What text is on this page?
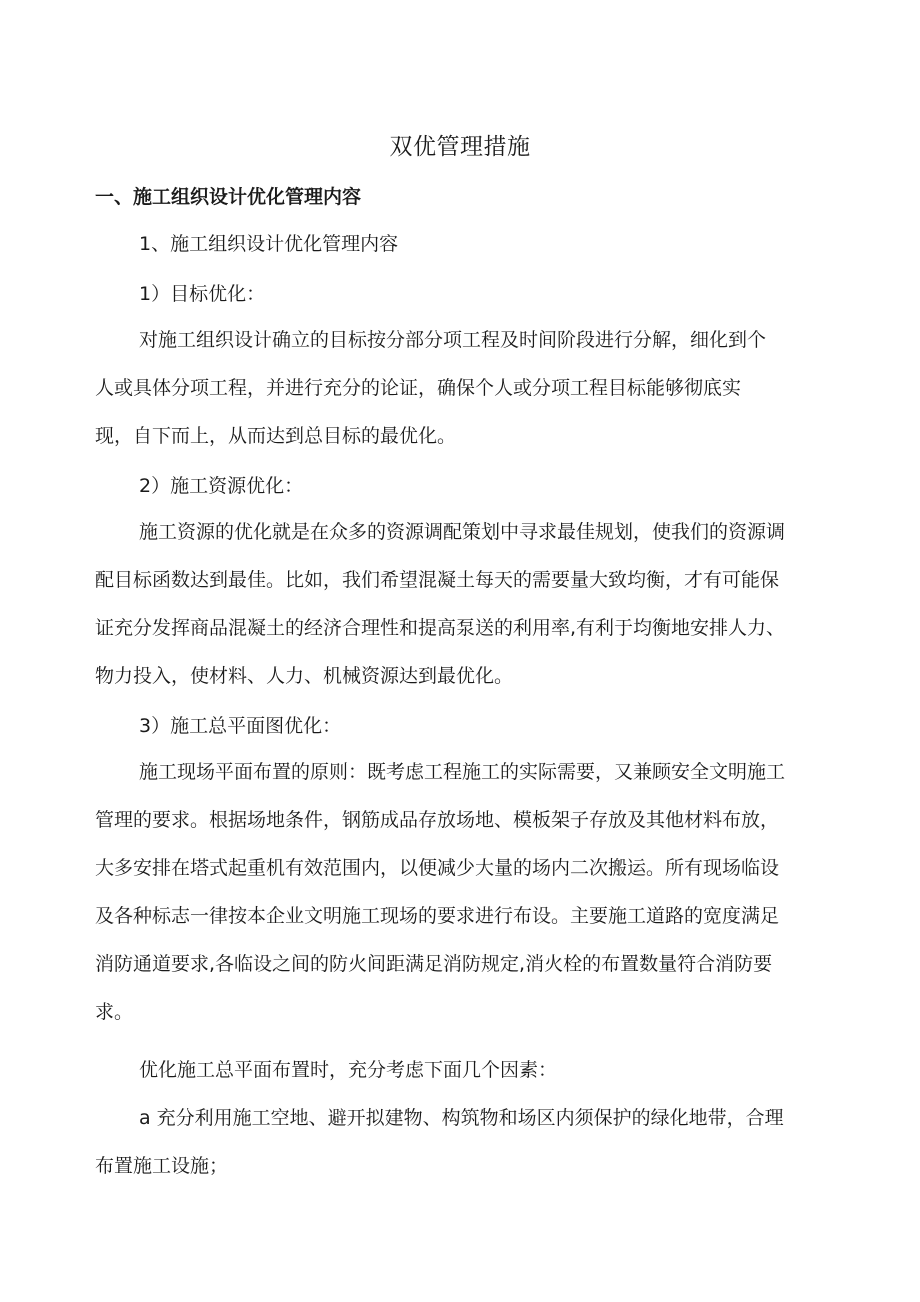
双优管理措施
一、施工组织设计优化管理内容
1、施工组织设计优化管理内容
1）目标优化：
对施工组织设计确立的目标按分部分项工程及时间阶段进行分解，细化到个
人或具体分项工程，并进行充分的论证，确保个人或分项工程目标能够彻底实
现，自下而上，从而达到总目标的最优化。
2）施工资源优化：
施工资源的优化就是在众多的资源调配策划中寻求最佳规划，使我们的资源调
配目标函数达到最佳。比如，我们希望混凝土每天的需要量大致均衡，才有可能保
证充分发挥商品混凝土的经济合理性和提高泵送的利用率,有利于均衡地安排人力、
物力投入，使材料、人力、机械资源达到最优化。
3）施工总平面图优化：
施工现场平面布置的原则：既考虑工程施工的实际需要，又兼顾安全文明施工
管理的要求。根据场地条件，钢筋成品存放场地、模板架子存放及其他材料布放，
大多安排在塔式起重机有效范围内，以便减少大量的场内二次搬运。所有现场临设
及各种标志一律按本企业文明施工现场的要求进行布设。主要施工道路的宽度满足
消防通道要求,各临设之间的防火间距满足消防规定,消火栓的布置数量符合消防要
求。
优化施工总平面布置时，充分考虑下面几个因素：
a 充分利用施工空地、避开拟建物、构筑物和场区内须保护的绿化地带，合理
布置施工设施；
